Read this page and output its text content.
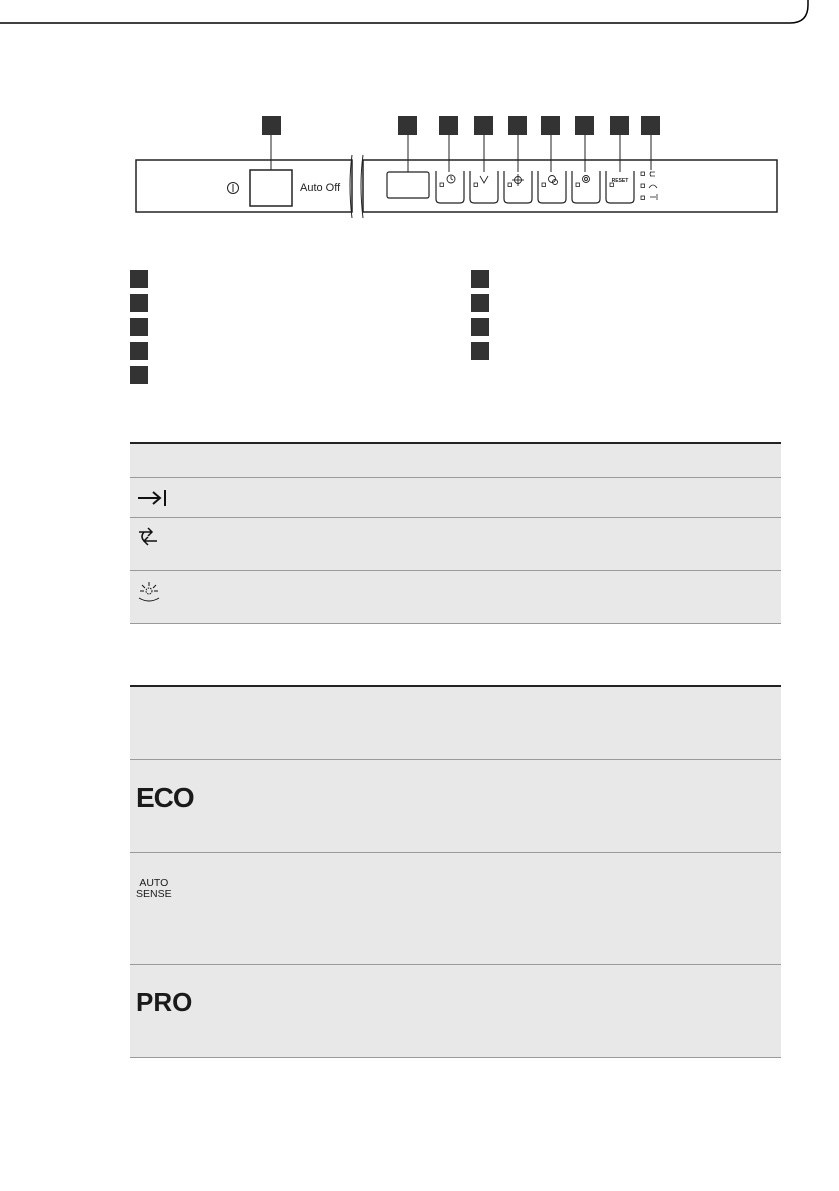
RESET
Auto Off
ECO
AUTO
SENSE
PRO
